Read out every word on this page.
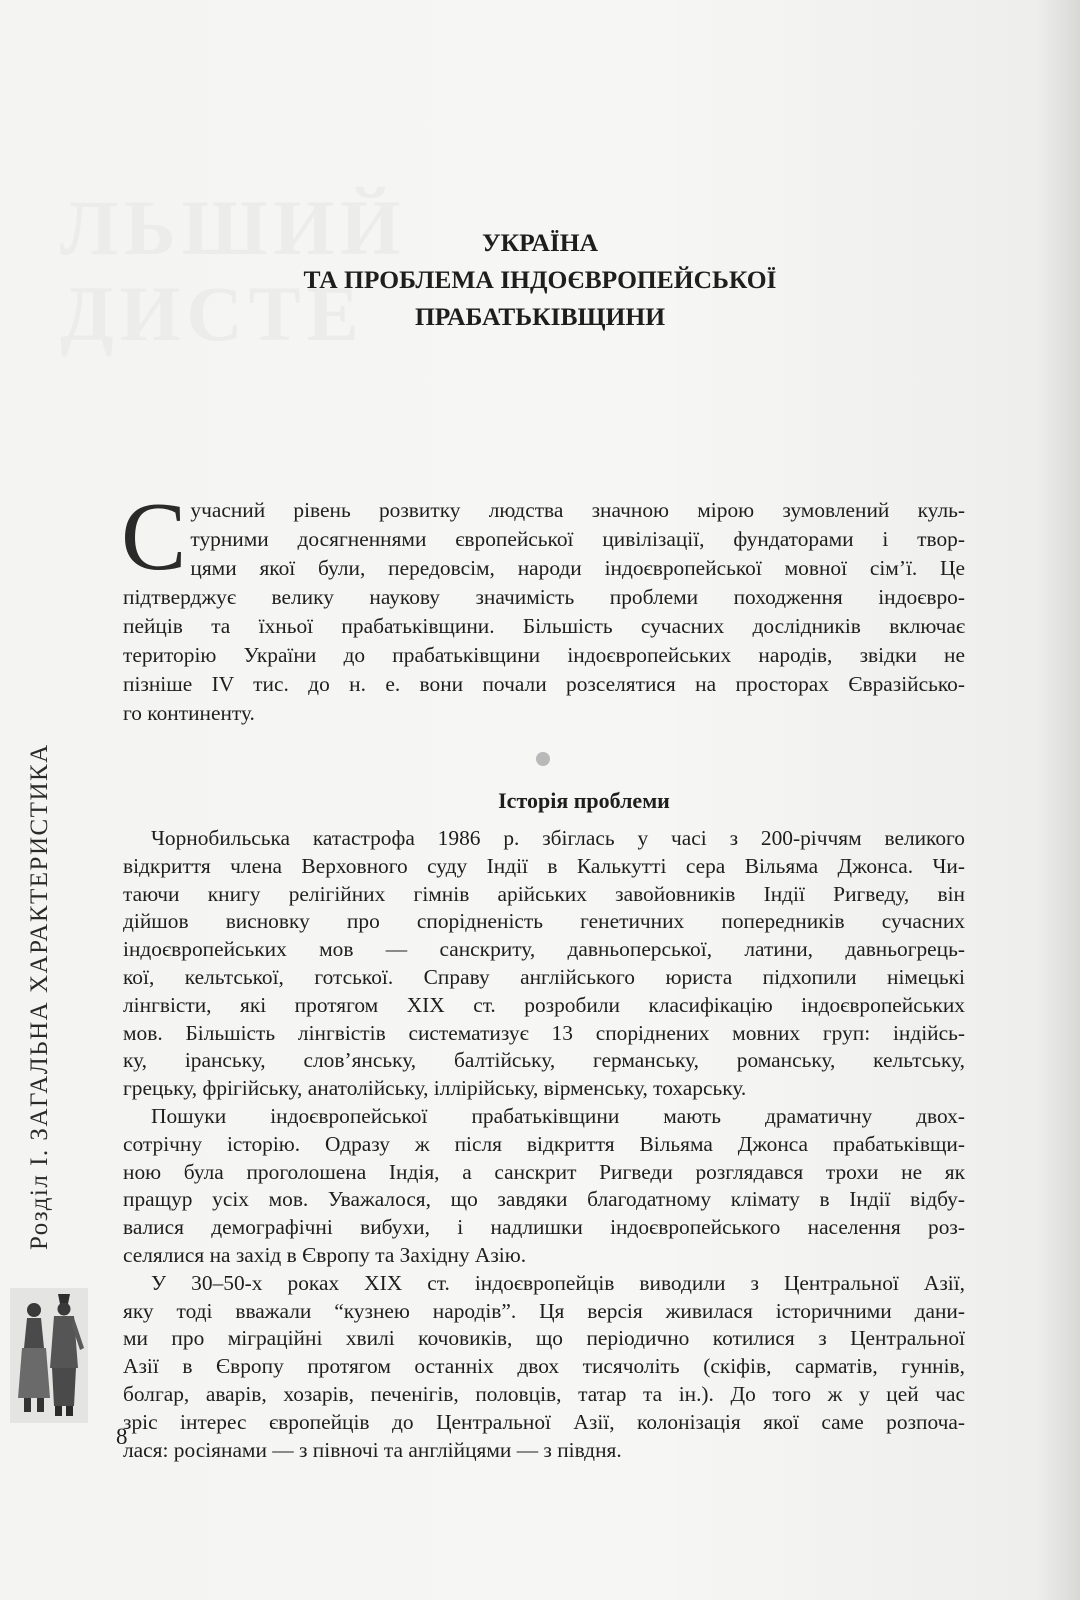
ЛЬШИЙ
ДИСТЕ
УКРАЇНА
ТА ПРОБЛЕМА ІНДОЄВРОПЕЙСЬКОЇ
ПРАБАТЬКІВЩИНИ
С учасний рівень розвитку людства значною мірою зумовлений куль-
турними досягненнями європейської цивілізації, фундаторами і твор-
цями якої були, передовсім, народи індоєвропейської мовної сім’ї. Це
підтверджує велику наукову значимість проблеми походження індоєвро-
пейців та їхньої прабатьківщини. Більшість сучасних дослідників включає
територію України до прабатьківщини індоєвропейських народів, звідки не
пізніше IV тис. до н. е. вони почали розселятися на просторах Євразійсько-
го континенту.
Історія проблеми
Чорнобильська катастрофа 1986 р. збіглась у часі з 200-річчям великого
відкриття члена Верховного суду Індії в Калькутті сера Вільяма Джонса. Чи-
таючи книгу релігійних гімнів арійських завойовників Індії Ригведу, він
дійшов висновку про спорідненість генетичних попередників сучасних
індоєвропейських мов — санскриту, давньоперської, латини, давньогрець-
кої, кельтської, готської. Справу англійського юриста підхопили німецькі
лінгвісти, які протягом XIX ст. розробили класифікацію індоєвропейських
мов. Більшість лінгвістів систематизує 13 споріднених мовних груп: індійсь-
ку, іранську, слов’янську, балтійську, германську, романську, кельтську,
грецьку, фрігійську, анатолійську, іллірійську, вірменську, тохарську.
Пошуки індоєвропейської прабатьківщини мають драматичну двох-
сотрічну історію. Одразу ж після відкриття Вільяма Джонса прабатьківщи-
ною була проголошена Індія, а санскрит Ригведи розглядався трохи не як
пращур усіх мов. Уважалося, що завдяки благодатному клімату в Індії відбу-
валися демографічні вибухи, і надлишки індоєвропейського населення роз-
селялися на захід в Європу та Західну Азію.
У 30–50-х роках XIX ст. індоєвропейців виводили з Центральної Азії,
яку тоді вважали “кузнею народів”. Ця версія живилася історичними дани-
ми про міграційні хвилі кочовиків, що періодично котилися з Центральної
Азії в Європу протягом останніх двох тисячоліть (скіфів, сарматів, гуннів,
болгар, аварів, хозарів, печенігів, половців, татар та ін.). До того ж у цей час
зріс інтерес європейців до Центральної Азії, колонізація якої саме розпоча-
лася: росіянами — з півночі та англійцями — з півдня.
Розділ I. ЗАГАЛЬНА ХАРАКТЕРИСТИКА
8
